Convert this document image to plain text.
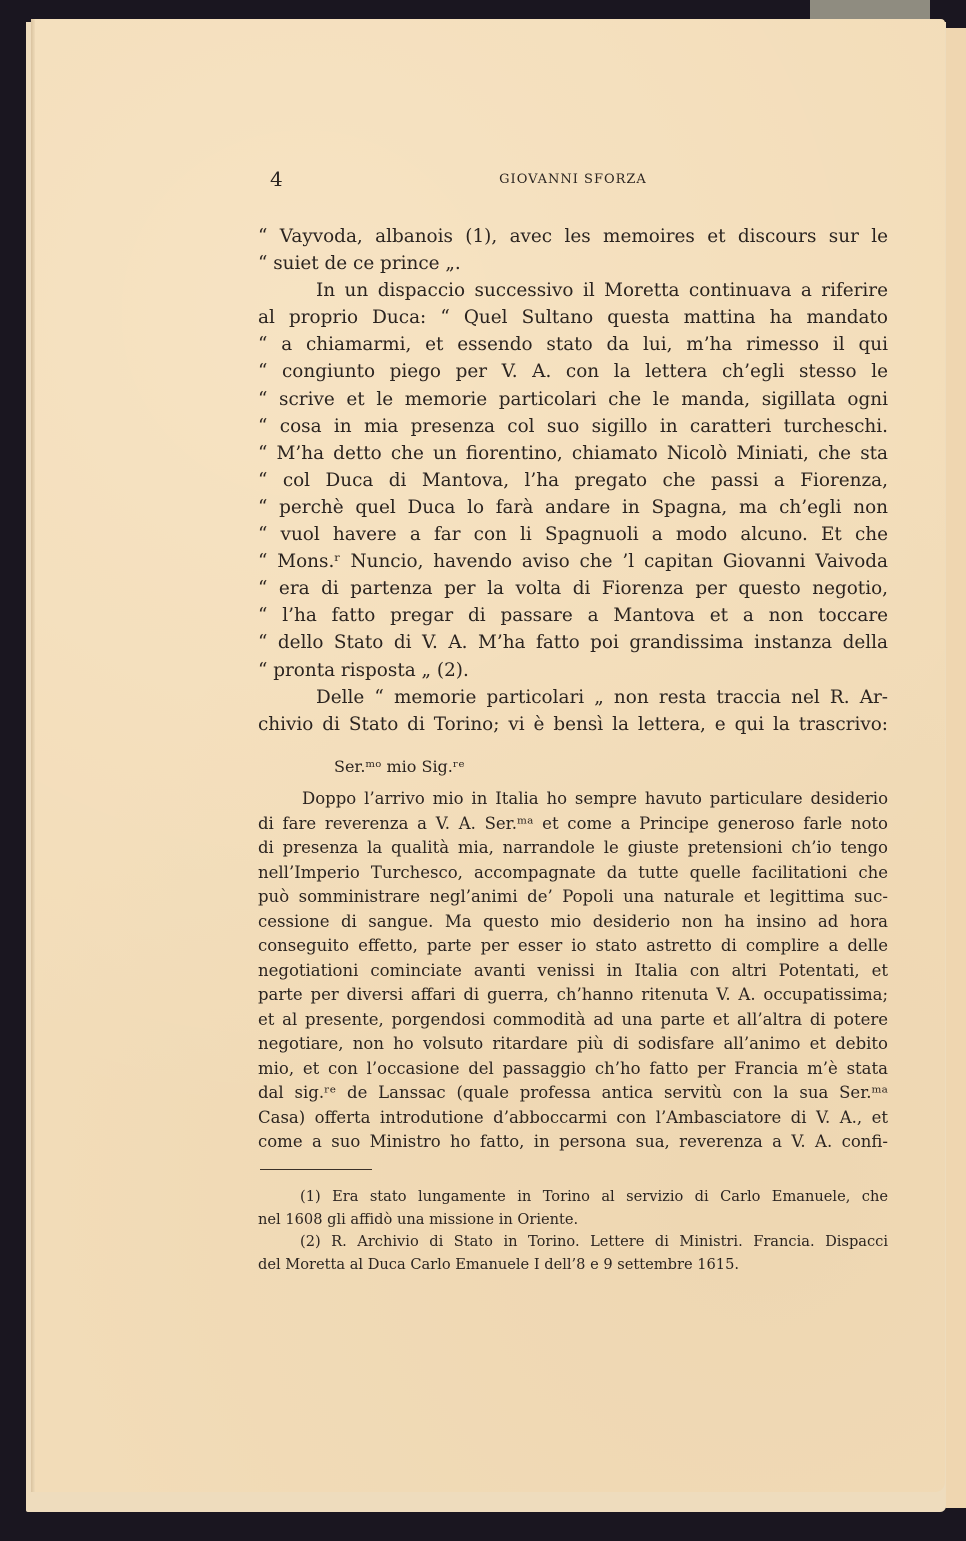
4	GIOVANNI SFORZA
“ Vayvoda, albanois (1), avec les memoires et discours sur le
“ suiet de ce prince „.
In un dispaccio successivo il Moretta continuava a riferire
al proprio Duca: “ Quel Sultano questa mattina ha mandato
“ a chiamarmi, et essendo stato da lui, m’ha rimesso il qui
“ congiunto piego per V. A. con la lettera ch’egli stesso le
“ scrive et le memorie particolari che le manda, sigillata ogni
“ cosa in mia presenza col suo sigillo in caratteri turcheschi.
“ M’ha detto che un fiorentino, chiamato Nicolò Miniati, che sta
“ col Duca di Mantova, l’ha pregato che passi a Fiorenza,
“ perchè quel Duca lo farà andare in Spagna, ma ch’egli non
“ vuol havere a far con li Spagnuoli a modo alcuno. Et che
“ Mons.ʳ Nuncio, havendo aviso che ’l capitan Giovanni Vaivoda
“ era di partenza per la volta di Fiorenza per questo negotio,
“ l’ha fatto pregar di passare a Mantova et a non toccare
“ dello Stato di V. A. M’ha fatto poi grandissima instanza della
“ pronta risposta „ (2).
Delle “ memorie particolari „ non resta traccia nel R. Ar-
chivio di Stato di Torino; vi è bensì la lettera, e qui la trascrivo:
Ser.ᵐᵒ mio Sig.ʳᵉ
Doppo l’arrivo mio in Italia ho sempre havuto particulare desiderio
di fare reverenza a V. A. Ser.ᵐᵃ et come a Principe generoso farle noto
di presenza la qualità mia, narrandole le giuste pretensioni ch’io tengo
nell’Imperio Turchesco, accompagnate da tutte quelle facilitationi che
può somministrare negl’animi de’ Popoli una naturale et legittima suc-
cessione di sangue. Ma questo mio desiderio non ha insino ad hora
conseguito effetto, parte per esser io stato astretto di complire a delle
negotiationi cominciate avanti venissi in Italia con altri Potentati, et
parte per diversi affari di guerra, ch’hanno ritenuta V. A. occupatissima;
et al presente, porgendosi commodità ad una parte et all’altra di potere
negotiare, non ho volsuto ritardare più di sodisfare all’animo et debito
mio, et con l’occasione del passaggio ch’ho fatto per Francia m’è stata
dal sig.ʳᵉ de Lanssac (quale professa antica servitù con la sua Ser.ᵐᵃ
Casa) offerta introdutione d’abboccarmi con l’Ambasciatore di V. A., et
come a suo Ministro ho fatto, in persona sua, reverenza a V. A. confi-
(1) Era stato lungamente in Torino al servizio di Carlo Emanuele, che
nel 1608 gli affidò una missione in Oriente.
(2) R. Archivio di Stato in Torino. Lettere di Ministri. Francia. Dispacci
del Moretta al Duca Carlo Emanuele I dell’8 e 9 settembre 1615.
